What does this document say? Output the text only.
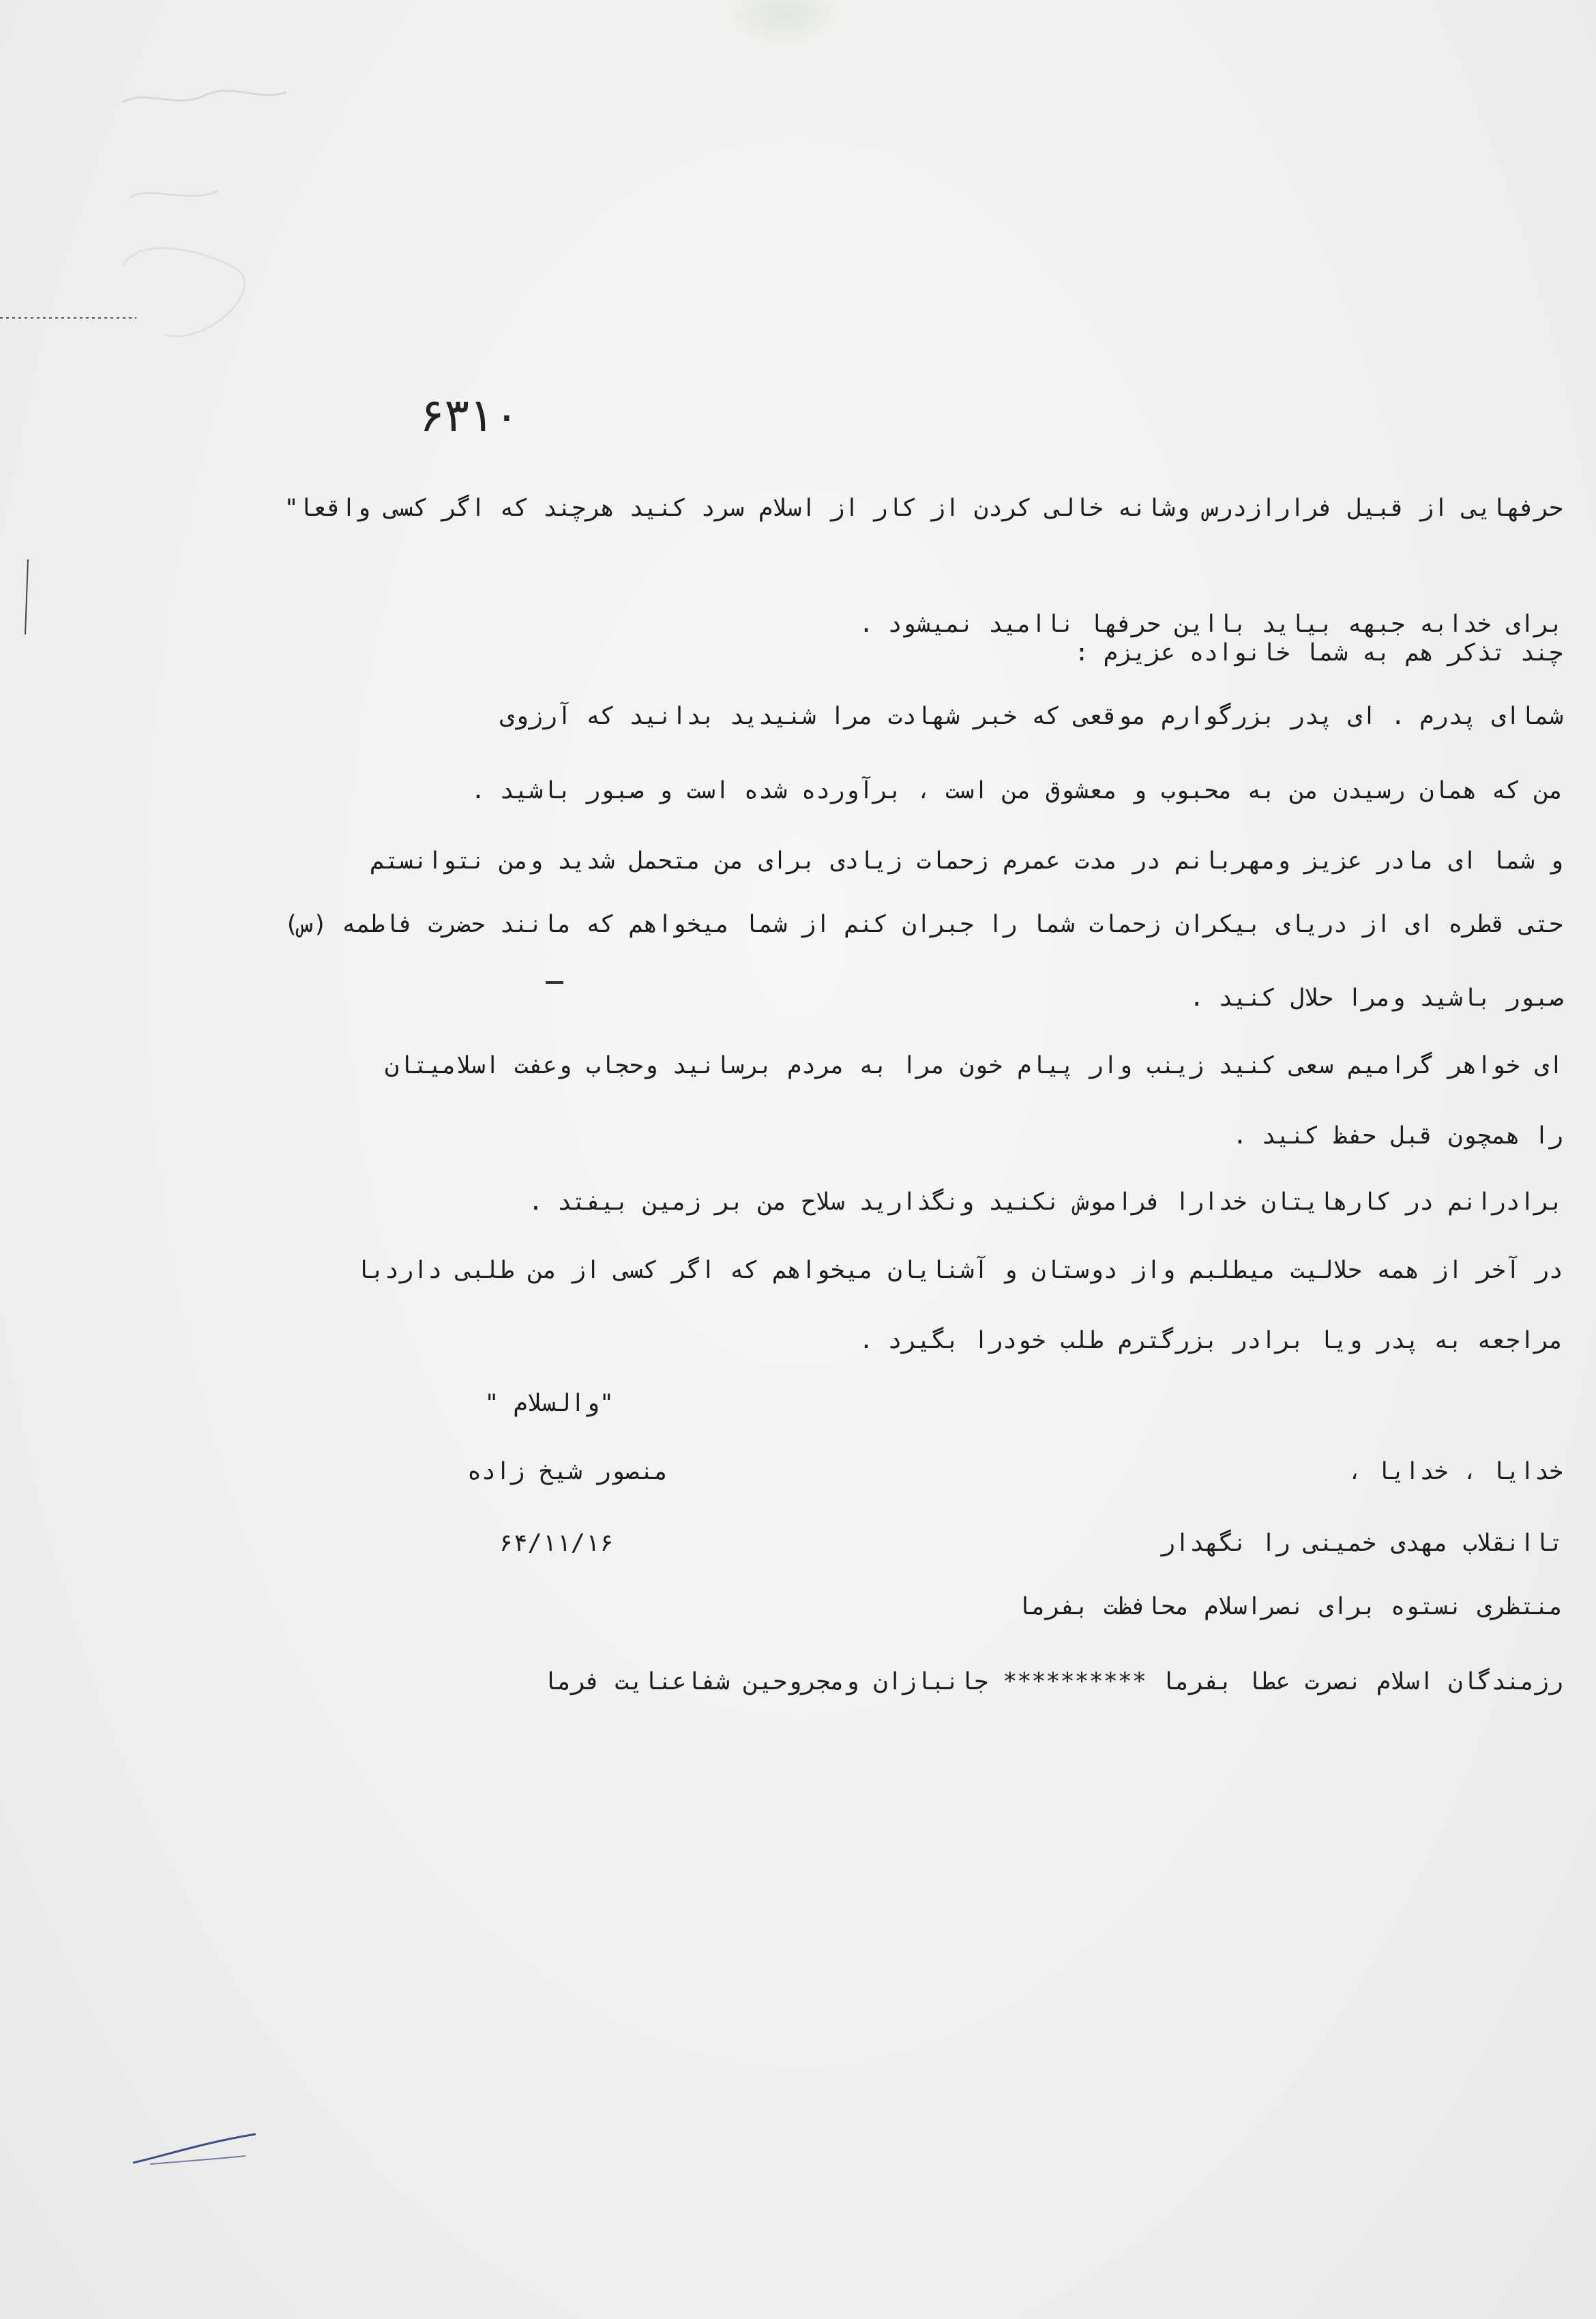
۶۳۱۰
حرفهایی از قبیل فرارازدرس وشانه خالی کردن از کار از اسلام سرد کنید هرچند که اگر کسی واقعا"
برای خدابه جبهه بیاید بااین حرفها ناامید نمیشود .
چند تذکر هم به شما خانواده عزیزم :
شمااى پدرم . اى پدر بزرگوارم موقعی که خبر شهادت مرا شنیدید بدانید که آرزوی
من که همان رسیدن من به محبوب و معشوق من است ، برآورده شده است و صبور باشید .
و شما اى مادر عزیز ومهربانم در مدت عمرم زحمات زیادی برای من متحمل شدید ومن نتوانستم
حتی قطره ای از دریای بیکران زحمات شما را جبران کنم از شما میخواهم که مانند حضرت فاطمه (س)
صبور باشید ومرا حلال کنید .
ای خواهر گرامیم سعی کنید زینب وار پیام خون مرا به مردم برسانید وحجاب وعفت اسلامیتان
را همچون قبل حفظ کنید .
برادرانم در کارهایتان خدارا فراموش نکنید ونگذارید سلاح من بر زمین بیفتد .
در آخر از همه حلالیت میطلبم واز دوستان و آشنایان میخواهم که اگر کسی از من طلبی داردبا
مراجعه به پدر ویا برادر بزرگترم طلب خودرا بگیرد .
"والسلام "
منصور شیخ زاده	خدایا ، خدایا ،
۶۴/۱۱/۱۶	تاانقلاب مهدی خمینی را نگهدار
منتظری نستوه برای نصراسلام محافظت بفرما
رزمندگان اسلام نصرت عطا بفرما ********** جانبازان ومجروحین شفاعنایت فرما
